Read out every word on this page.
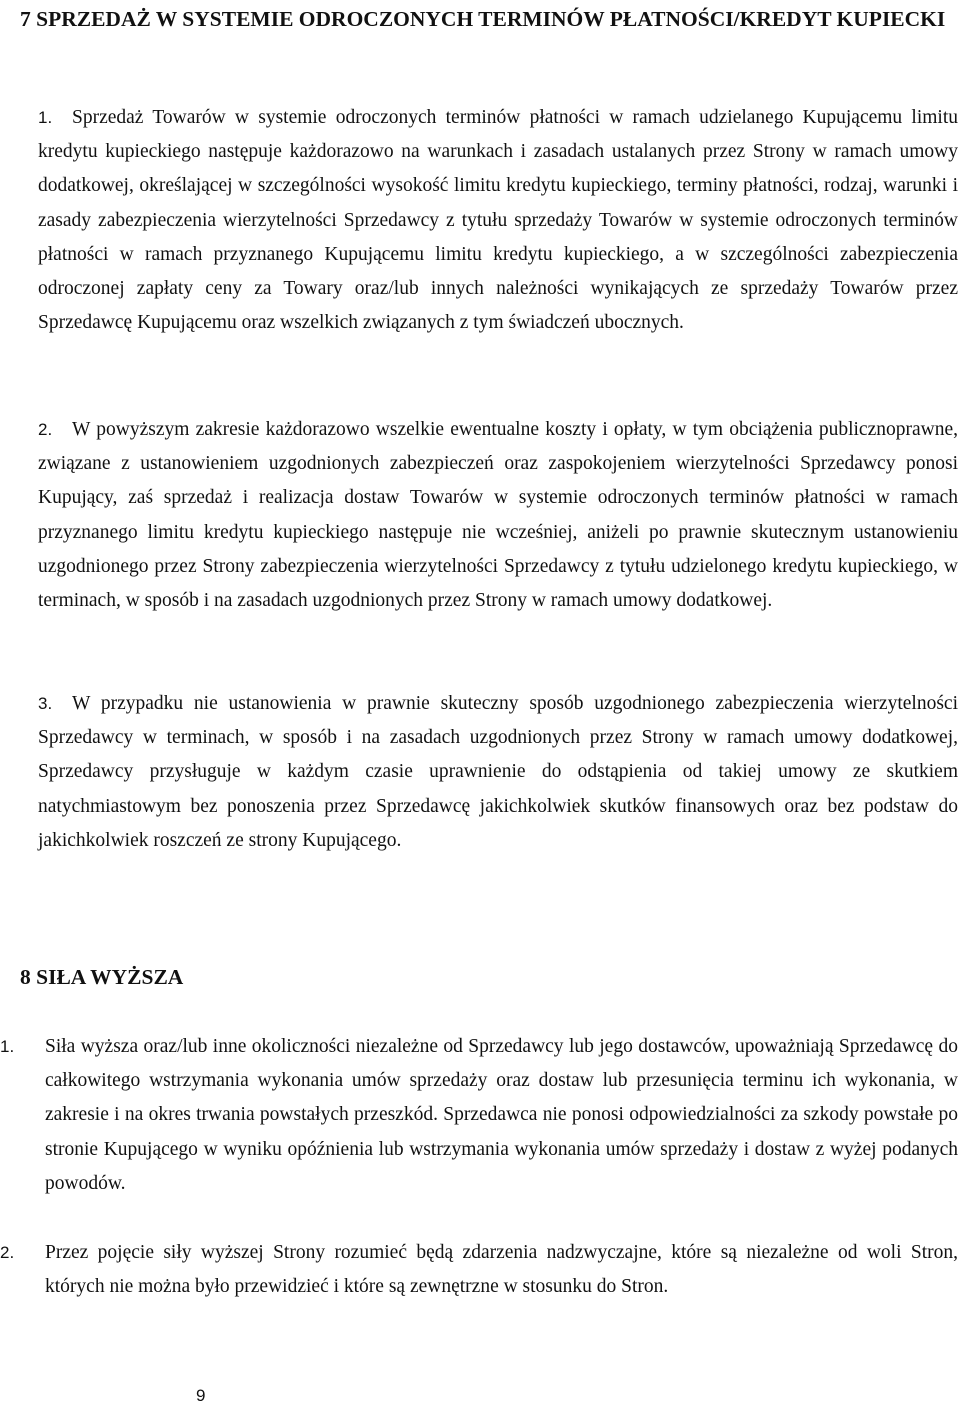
7 SPRZEDAŻ W SYSTEMIE ODROCZONYCH TERMINÓW PŁATNOŚCI/KREDYT KUPIECKI

1. Sprzedaż Towarów w systemie odroczonych terminów płatności w ramach udzielanego Kupującemu limitu kredytu kupieckiego następuje każdorazowo na warunkach i zasadach ustalanych przez Strony w ramach umowy dodatkowej, określającej w szczególności wysokość limitu kredytu kupieckiego, terminy płatności, rodzaj, warunki i zasady zabezpieczenia wierzytelności Sprzedawcy z tytułu sprzedaży Towarów w systemie odroczonych terminów płatności w ramach przyznanego Kupującemu limitu kredytu kupieckiego, a w szczególności zabezpieczenia odroczonej zapłaty ceny za Towary oraz/lub innych należności wynikających ze sprzedaży Towarów przez Sprzedawcę Kupującemu oraz wszelkich związanych z tym świadczeń ubocznych.

2. W powyższym zakresie każdorazowo wszelkie ewentualne koszty i opłaty, w tym obciążenia publicznoprawne, związane z ustanowieniem uzgodnionych zabezpieczeń oraz zaspokojeniem wierzytelności Sprzedawcy ponosi Kupujący, zaś sprzedaż i realizacja dostaw Towarów w systemie odroczonych terminów płatności w ramach przyznanego limitu kredytu kupieckiego następuje nie wcześniej, aniżeli po prawnie skutecznym ustanowieniu uzgodnionego przez Strony zabezpieczenia wierzytelności Sprzedawcy z tytułu udzielonego kredytu kupieckiego, w terminach, w sposób i na zasadach uzgodnionych przez Strony w ramach umowy dodatkowej.

3. W przypadku nie ustanowienia w prawnie skuteczny sposób uzgodnionego zabezpieczenia wierzytelności Sprzedawcy w terminach, w sposób i na zasadach uzgodnionych przez Strony w ramach umowy dodatkowej, Sprzedawcy przysługuje w każdym czasie uprawnienie do odstąpienia od takiej umowy ze skutkiem natychmiastowym bez ponoszenia przez Sprzedawcę jakichkolwiek skutków finansowych oraz bez podstaw do jakichkolwiek roszczeń ze strony Kupującego.

8 SIŁA WYŻSZA
1. Siła wyższa oraz/lub inne okoliczności niezależne od Sprzedawcy lub jego dostawców, upoważniają Sprzedawcę do całkowitego wstrzymania wykonania umów sprzedaży oraz dostaw lub przesunięcia terminu ich wykonania, w zakresie i na okres trwania powstałych przeszkód. Sprzedawca nie ponosi odpowiedzialności za szkody powstałe po stronie Kupującego w wyniku opóźnienia lub wstrzymania wykonania umów sprzedaży i dostaw z wyżej podanych powodów.
2. Przez pojęcie siły wyższej Strony rozumieć będą zdarzenia nadzwyczajne, które są niezależne od woli Stron, których nie można było przewidzieć i które są zewnętrzne w stosunku do Stron.
9
